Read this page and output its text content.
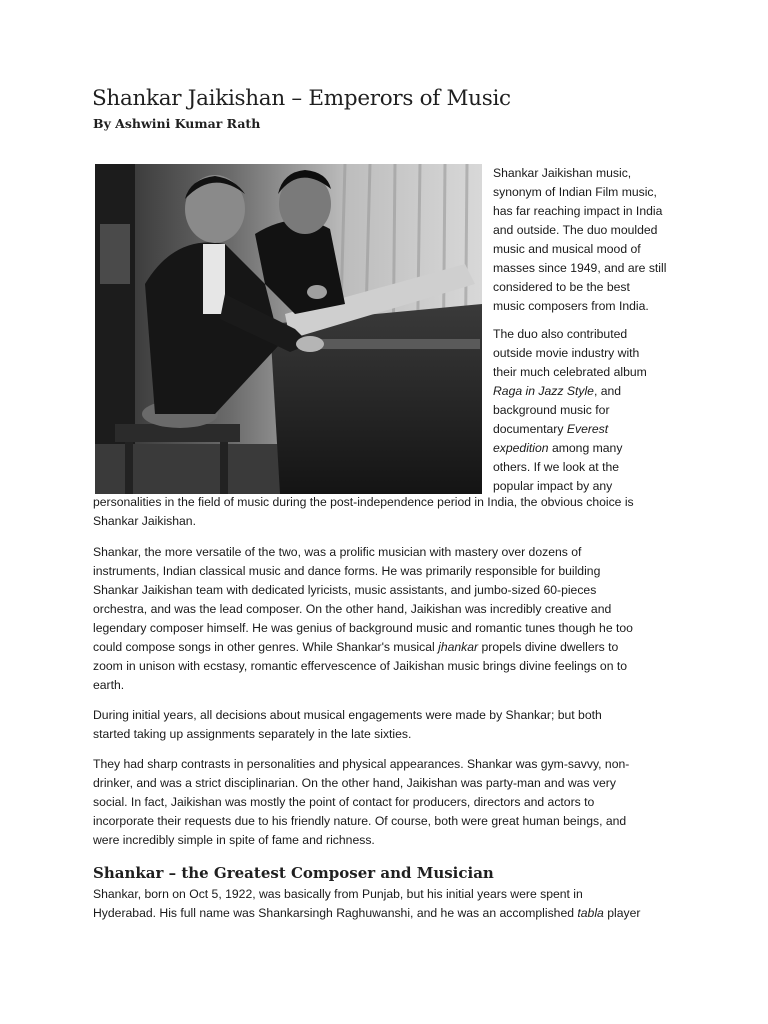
Shankar Jaikishan – Emperors of Music
By Ashwini Kumar Rath

Shankar Jaikishan music,
synonym of Indian Film music,
has far reaching impact in India
and outside. The duo moulded
music and musical mood of
masses since 1949, and are still
considered to be the best
music composers from India.

The duo also contributed
outside movie industry with
their much celebrated album
Raga in Jazz Style, and
background music for
documentary Everest
expedition among many
others. If we look at the
popular impact by any

personalities in the field of music during the post-independence period in India, the obvious choice is
Shankar Jaikishan.

Shankar, the more versatile of the two, was a prolific musician with mastery over dozens of
instruments, Indian classical music and dance forms. He was primarily responsible for building
Shankar Jaikishan team with dedicated lyricists, music assistants, and jumbo-sized 60-pieces
orchestra, and was the lead composer. On the other hand, Jaikishan was incredibly creative and
legendary composer himself. He was genius of background music and romantic tunes though he too
could compose songs in other genres. While Shankar's musical jhankar propels divine dwellers to
zoom in unison with ecstasy, romantic effervescence of Jaikishan music brings divine feelings on to
earth.

During initial years, all decisions about musical engagements were made by Shankar; but both
started taking up assignments separately in the late sixties.

They had sharp contrasts in personalities and physical appearances. Shankar was gym-savvy, non-
drinker, and was a strict disciplinarian. On the other hand, Jaikishan was party-man and was very
social. In fact, Jaikishan was mostly the point of contact for producers, directors and actors to
incorporate their requests due to his friendly nature. Of course, both were great human beings, and
were incredibly simple in spite of fame and richness.

Shankar – the Greatest Composer and Musician

Shankar, born on Oct 5, 1922, was basically from Punjab, but his initial years were spent in
Hyderabad. His full name was Shankarsingh Raghuwanshi, and he was an accomplished tabla player
